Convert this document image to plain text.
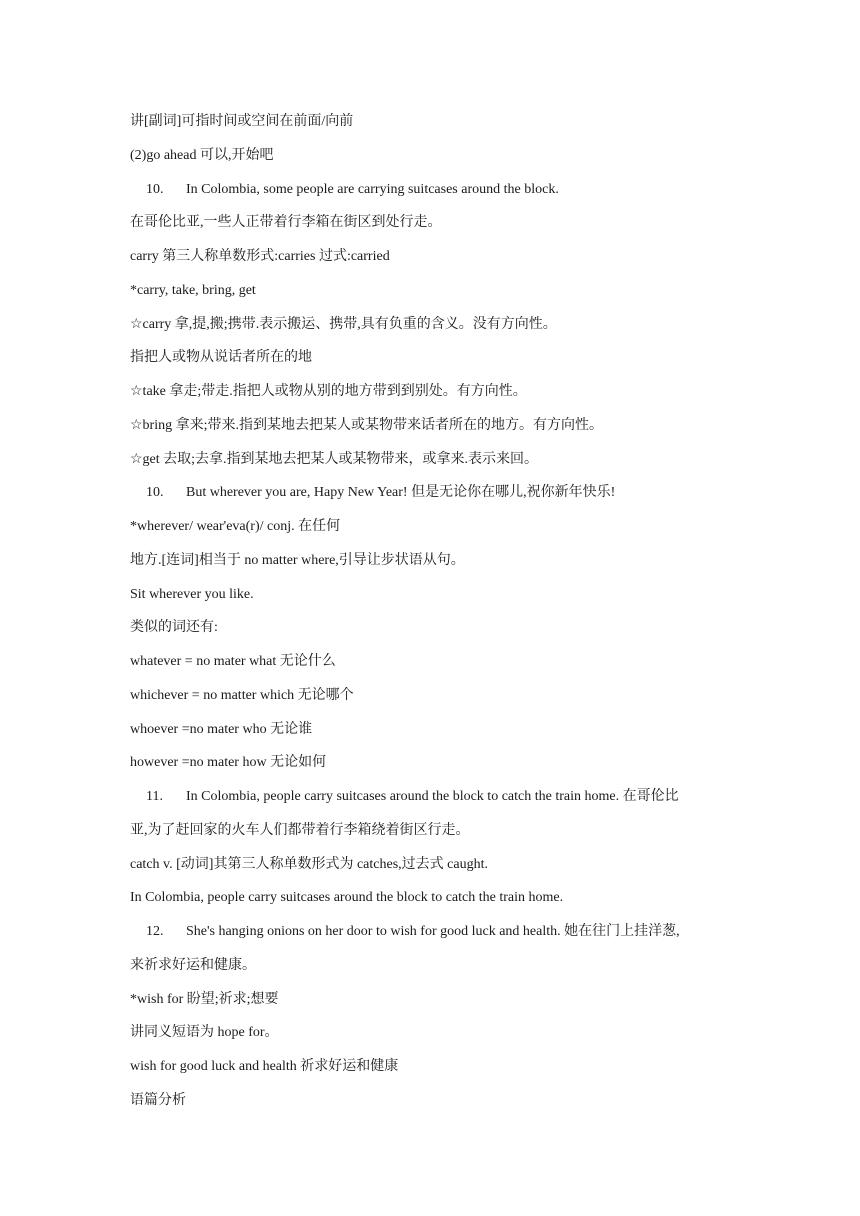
讲[副词]可指时间或空间在前面/向前
(2)go ahead 可以,开始吧
10. In Colombia, some people are carrying suitcases around the block.
在哥伦比亚,一些人正带着行李箱在街区到处行走。
carry 第三人称单数形式:carries 过式:carried
*carry, take, bring, get
☆carry 拿,提,搬;携带.表示搬运、携带,具有负重的含义。没有方向性。
指把人或物从说话者所在的地
☆take 拿走;带走.指把人或物从别的地方带到到别处。有方向性。
☆bring 拿来;带来.指到某地去把某人或某物带来话者所在的地方。有方向性。
☆get 去取;去拿.指到某地去把某人或某物带来，或拿来.表示来回。
10. But wherever you are, Hapy New Year! 但是无论你在哪儿,祝你新年快乐!
*wherever/ wear'eva(r)/ conj. 在任何
地方.[连词]相当于 no matter where,引导让步状语从句。
Sit wherever you like.
类似的词还有:
whatever = no mater what 无论什么
whichever = no matter which 无论哪个
whoever =no mater who 无论谁
however =no mater how 无论如何
11. In Colombia, people carry suitcases around the block to catch the train home. 在哥伦比
亚,为了赶回家的火车人们都带着行李箱绕着街区行走。
catch v. [动词]其第三人称单数形式为 catches,过去式 caught.
In Colombia, people carry suitcases around the block to catch the train home.
12. She's hanging onions on her door to wish for good luck and health. 她在往门上挂洋葱,
来祈求好运和健康。
*wish for 盼望;祈求;想要
讲同义短语为 hope for。
wish for good luck and health 祈求好运和健康
语篇分析
